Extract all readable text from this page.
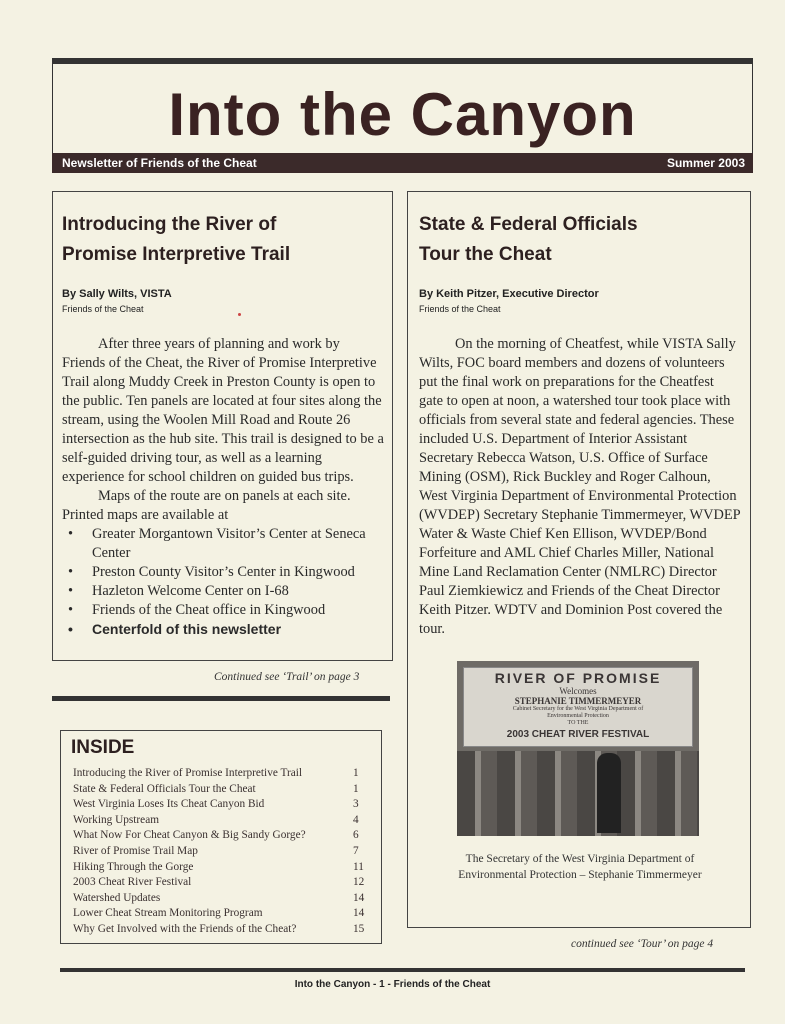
Into the Canyon
Newsletter of Friends of the Cheat	Summer 2003
Introducing the River of
Promise Interpretive Trail
By Sally Wilts, VISTA
Friends of the Cheat

After three years of planning and work by Friends of the Cheat, the River of Promise Interpretive Trail along Muddy Creek in Preston County is open to the public. Ten panels are located at four sites along the stream, using the Woolen Mill Road and Route 26 intersection as the hub site. This trail is designed to be a self-guided driving tour, as well as a learning experience for school children on guided bus trips.

Maps of the route are on panels at each site.

Printed maps are available at

• Greater Morgantown Visitor’s Center at Seneca Center
• Preston County Visitor’s Center in Kingwood
• Hazleton Welcome Center on I-68
• Friends of the Cheat office in Kingwood
• Centerfold of this newsletter
Continued see ‘Trail’ on page 3
INSIDE
Introducing the River of Promise Interpretive Trail	1
State & Federal Officials Tour the Cheat	1
West Virginia Loses Its Cheat Canyon Bid	3
Working Upstream	4
What Now For Cheat Canyon & Big Sandy Gorge?	6
River of Promise Trail Map	7
Hiking Through the Gorge	11
2003 Cheat River Festival	12
Watershed Updates	14
Lower Cheat Stream Monitoring Program	14
Why Get Involved with the Friends of the Cheat?	15
State & Federal Officials
Tour the Cheat
By Keith Pitzer, Executive Director
Friends of the Cheat

On the morning of Cheatfest, while VISTA Sally Wilts, FOC board members and dozens of volunteers put the final work on preparations for the Cheatfest gate to open at noon, a watershed tour took place with officials from several state and federal agencies. These included U.S. Department of Interior Assistant Secretary Rebecca Watson, U.S. Office of Surface Mining (OSM), Rick Buckley and Roger Calhoun, West Virginia Department of Environmental Protection (WVDEP) Secretary Stephanie Timmermeyer, WVDEP Water & Waste Chief Ken Ellison, WVDEP/Bond Forfeiture and AML Chief Charles Miller, National Mine Land Reclamation Center (NMLRC) Director Paul Ziemkiewicz and Friends of the Cheat Director Keith Pitzer. WDTV and Dominion Post covered the tour.

RIVER OF PROMISE
Welcomes
STEPHANIE TIMMERMEYER
Cabinet Secretary for the West Virginia Department of
Environmental Protection
TO THE
2003 CHEAT RIVER FESTIVAL
The Secretary of the West Virginia Department of
Environmental Protection – Stephanie Timmermeyer
continued see ‘Tour’ on page 4
Into the Canyon - 1 - Friends of the Cheat
